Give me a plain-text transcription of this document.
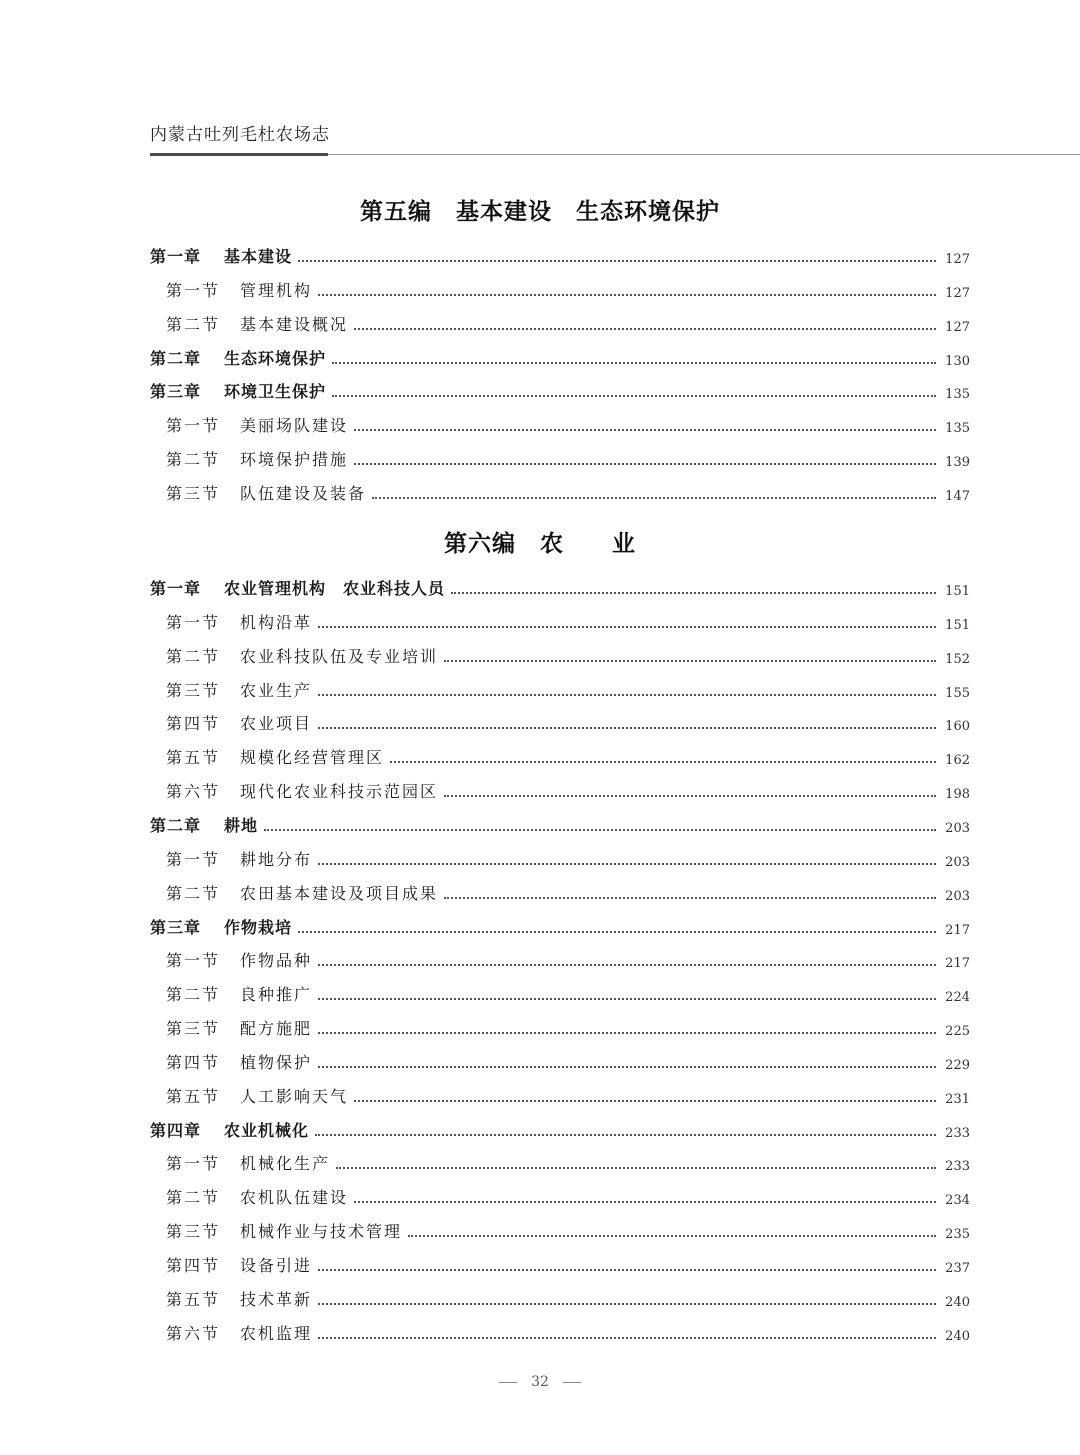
内蒙古吐列毛杜农场志
第五编　基本建设　生态环境保护
第一章	基本建设	127
第一节	管理机构	127
第二节	基本建设概况	127
第二章	生态环境保护	130
第三章	环境卫生保护	135
第一节	美丽场队建设	135
第二节	环境保护措施	139
第三节	队伍建设及装备	147
第六编　农　　业
第一章	农业管理机构　农业科技人员	151
第一节	机构沿革	151
第二节	农业科技队伍及专业培训	152
第三节	农业生产	155
第四节	农业项目	160
第五节	规模化经营管理区	162
第六节	现代化农业科技示范园区	198
第二章	耕地	203
第一节	耕地分布	203
第二节	农田基本建设及项目成果	203
第三章	作物栽培	217
第一节	作物品种	217
第二节	良种推广	224
第三节	配方施肥	225
第四节	植物保护	229
第五节	人工影响天气	231
第四章	农业机械化	233
第一节	机械化生产	233
第二节	农机队伍建设	234
第三节	机械作业与技术管理	235
第四节	设备引进	237
第五节	技术革新	240
第六节	农机监理	240
32
